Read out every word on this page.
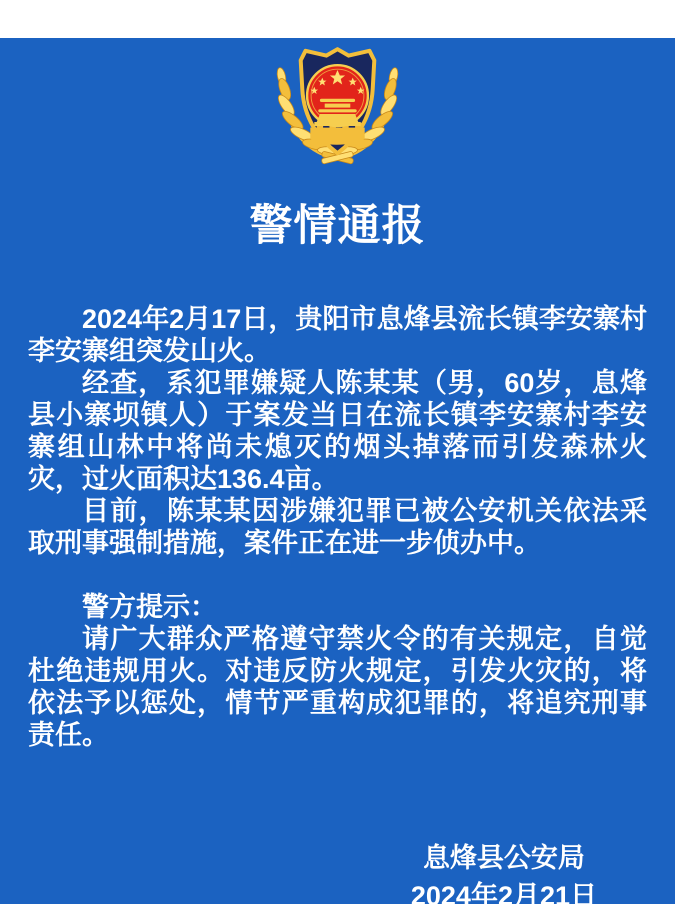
警情通报

2024年2月17日，贵阳市息烽县流长镇李安寨村李安寨组突发山火。

经查，系犯罪嫌疑人陈某某（男，60岁，息烽县小寨坝镇人）于案发当日在流长镇李安寨村李安寨组山林中将尚未熄灭的烟头掉落而引发森林火灾，过火面积达136.4亩。

目前，陈某某因涉嫌犯罪已被公安机关依法采取刑事强制措施，案件正在进一步侦办中。

警方提示：

请广大群众严格遵守禁火令的有关规定，自觉杜绝违规用火。对违反防火规定，引发火灾的，将依法予以惩处，情节严重构成犯罪的，将追究刑事责任。

息烽县公安局
2024年2月21日
